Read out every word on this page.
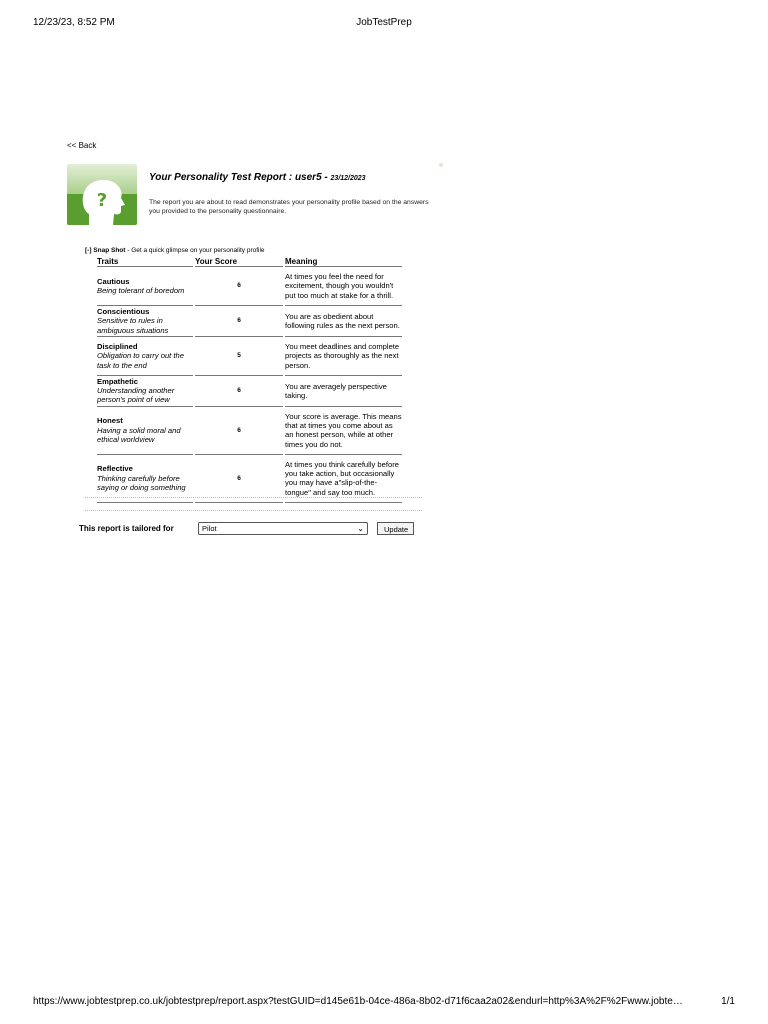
12/23/23, 8:52 PM	JobTestPrep
<< Back
?
Your Personality Test Report : user5 - 23/12/2023
The report you are about to read demonstrates your personality profile based on the answers you provided to the personality questionnaire.
[-] Snap Shot - Get a quick glimpse on your personality profile
Traits	Your Score	Meaning

Cautious
Being tolerant of boredom	6	At times you feel the need for excitement, though you wouldn't put too much at stake for a thrill.

Conscientious
Sensitive to rules in ambiguous situations	6	You are as obedient about following rules as the next person.

Disciplined
Obligation to carry out the task to the end	5	You meet deadlines and complete projects as thoroughly as the next person.

Empathetic
Understanding another person's point of view	6	You are averagely perspective taking.

Honest
Having a solid moral and ethical worldview	6	Your score is average. This means that at times you come about as an honest person, while at other times you do not.

Reflective
Thinking carefully before saying or doing something	6	At times you think carefully before you take action, but occasionally you may have a"slip-of-the-tongue" and say too much.
This report is tailored for	Pilot	⌄	Update
https://www.jobtestprep.co.uk/jobtestprep/report.aspx?testGUID=d145e61b-04ce-486a-8b02-d71f6caa2a02&endurl=http%3A%2F%2Fwww.jobte…	1/1
